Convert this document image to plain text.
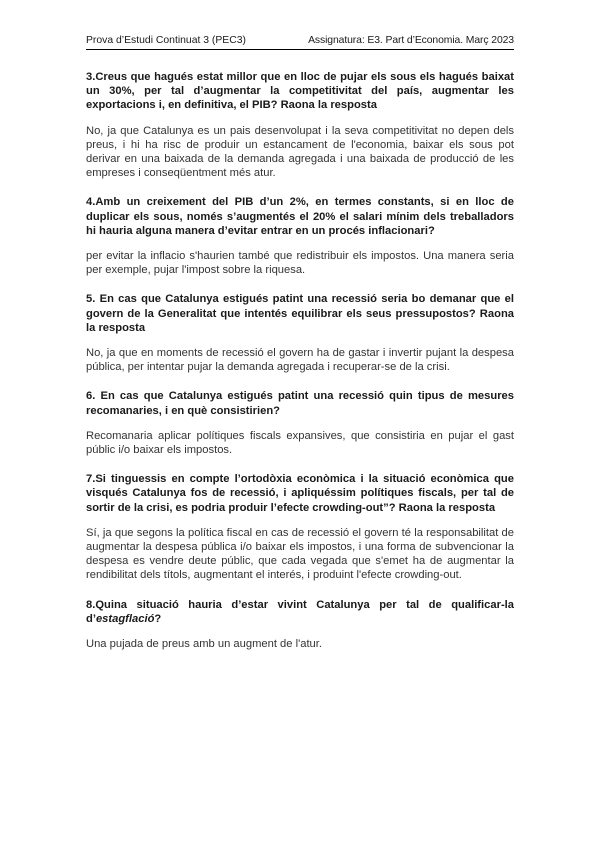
Prova d’Estudi Continuat 3 (PEC3)	Assignatura: E3. Part d’Economia. Març 2023

3.Creus que hagués estat millor que en lloc de pujar els sous els hagués baixat un 30%, per tal d’augmentar la competitivitat del país, augmentar les exportacions i, en definitiva, el PIB? Raona la resposta

No, ja que Catalunya es un pais desenvolupat i la seva competitivitat no depen dels preus, i hi ha risc de produir un estancament de l'economia, baixar els sous pot derivar en una baixada de la demanda agregada i una baixada de producció de les empreses i conseqüentment més atur.

4.Amb un creixement del PIB d’un 2%, en termes constants, si en lloc de duplicar els sous, només s’augmentés el 20% el salari mínim dels treballadors hi hauria alguna manera d’evitar entrar en un procés inflacionari?

per evitar la inflacio s'haurien també que redistribuir els impostos. Una manera seria per exemple, pujar l'impost sobre la riquesa.

5. En cas que Catalunya estigués patint una recessió seria bo demanar que el govern de la Generalitat que intentés equilibrar els seus pressupostos? Raona la resposta

No, ja que en moments de recessió el govern ha de gastar i invertir pujant la despesa pública, per intentar pujar la demanda agregada i recuperar-se de la crisi.

6. En cas que Catalunya estigués patint una recessió quin tipus de mesures recomanaries, i en què consistirien?

Recomanaria aplicar polítiques fiscals expansives, que consistiria en pujar el gast públic i/o baixar els impostos.

7.Si tinguessis en compte l’ortodòxia econòmica i la situació econòmica que visqués Catalunya fos de recessió, i apliquéssim polítiques fiscals, per tal de sortir de la crisi, es podria produir l’efecte crowding-out”? Raona la resposta

Sí, ja que segons la política fiscal en cas de recessió el govern té la responsabilitat de augmentar la despesa pública i/o baixar els impostos, i una forma de subvencionar la despesa es vendre deute públic, que cada vegada que s'emet ha de augmentar la rendibilitat dels títols, augmentant el interés, i produint l'efecte crowding-out.

8.Quina situació hauria d’estar vivint Catalunya per tal de qualificar-la d’estagflació?

Una pujada de preus amb un augment de l'atur.
